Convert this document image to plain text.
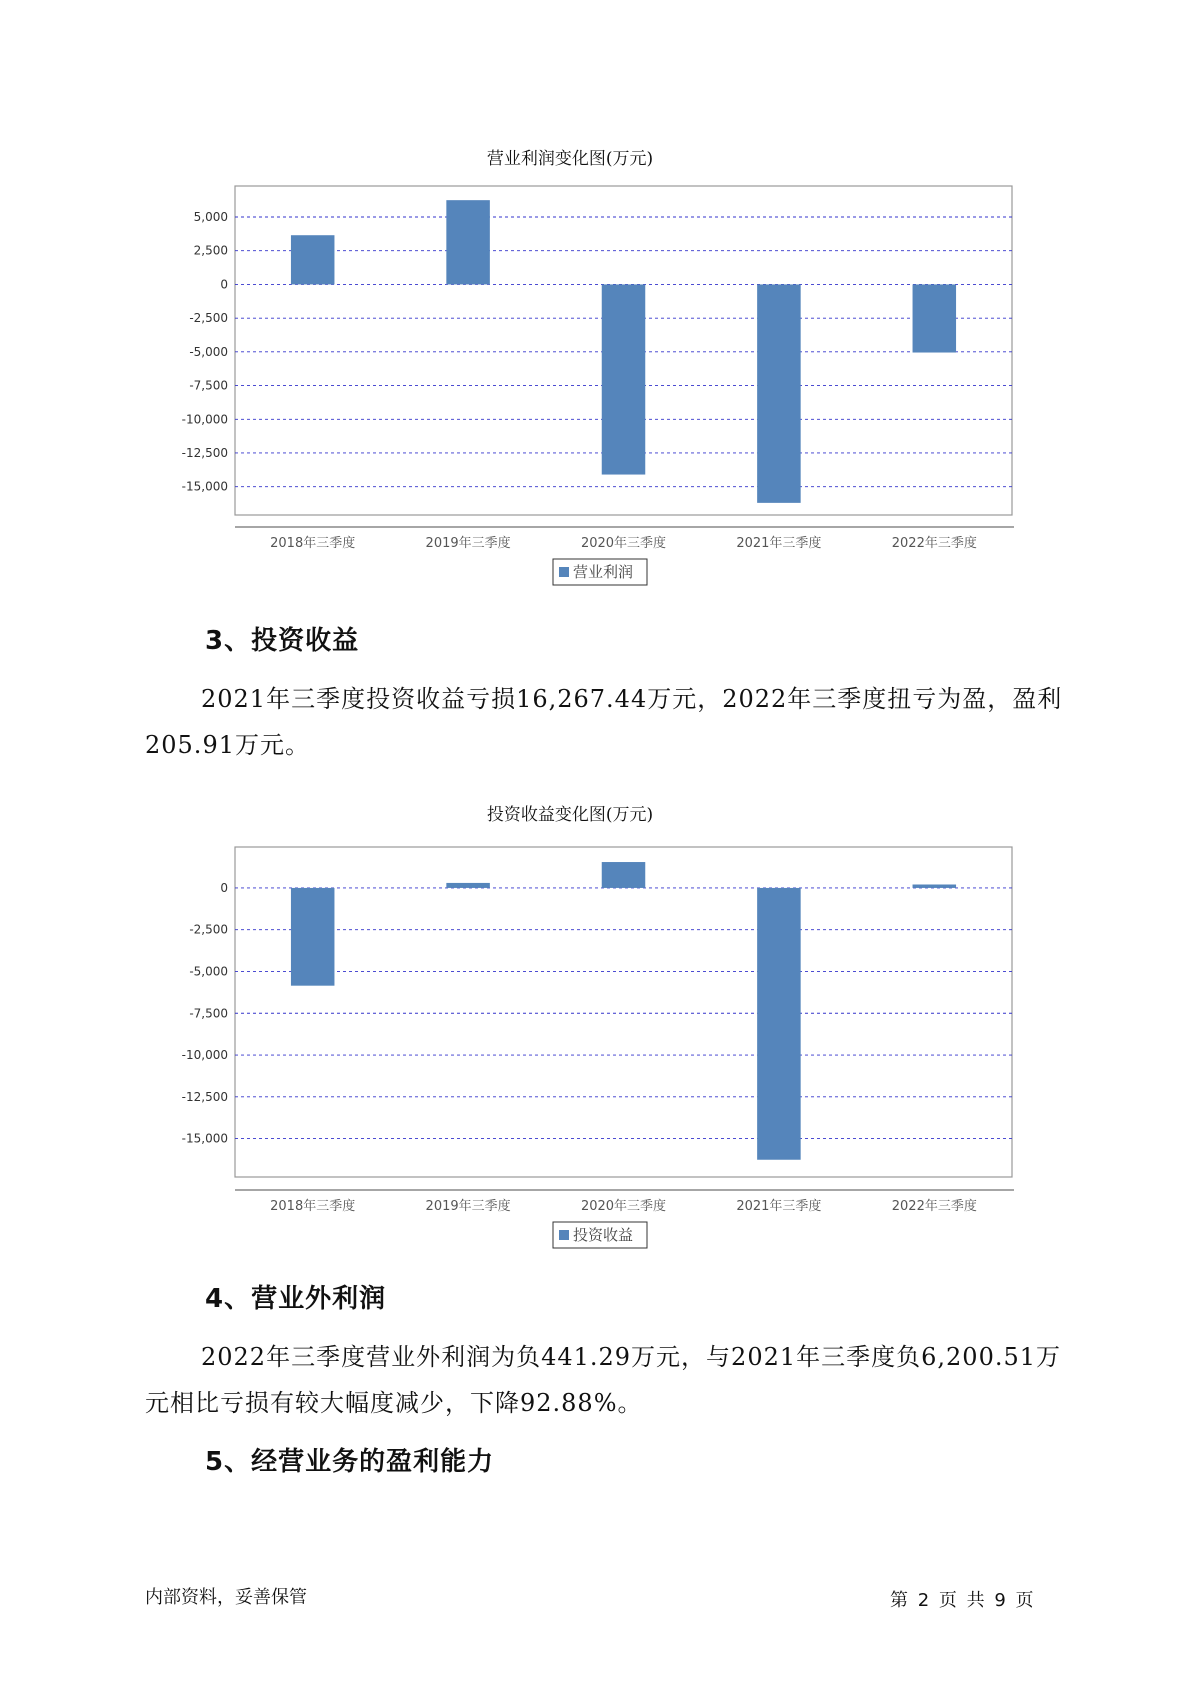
营业利润变化图(万元)
5,000
2,500
0
-2,500
-5,000
-7,500
-10,000
-12,500
-15,000
2018年三季度	2019年三季度	2020年三季度	2021年三季度	2022年三季度
营业利润
3、投资收益

2021年三季度投资收益亏损16,267.44万元，2022年三季度扭亏为盈，盈利205.91万元。

投资收益变化图(万元)
0
-2,500
-5,000
-7,500
-10,000
-12,500
-15,000
2018年三季度	2019年三季度	2020年三季度	2021年三季度	2022年三季度
投资收益
4、营业外利润

2022年三季度营业外利润为负441.29万元，与2021年三季度负6,200.51万元相比亏损有较大幅度减少，下降92.88%。

5、经营业务的盈利能力
内部资料，妥善保管	第 2 页 共 9 页
